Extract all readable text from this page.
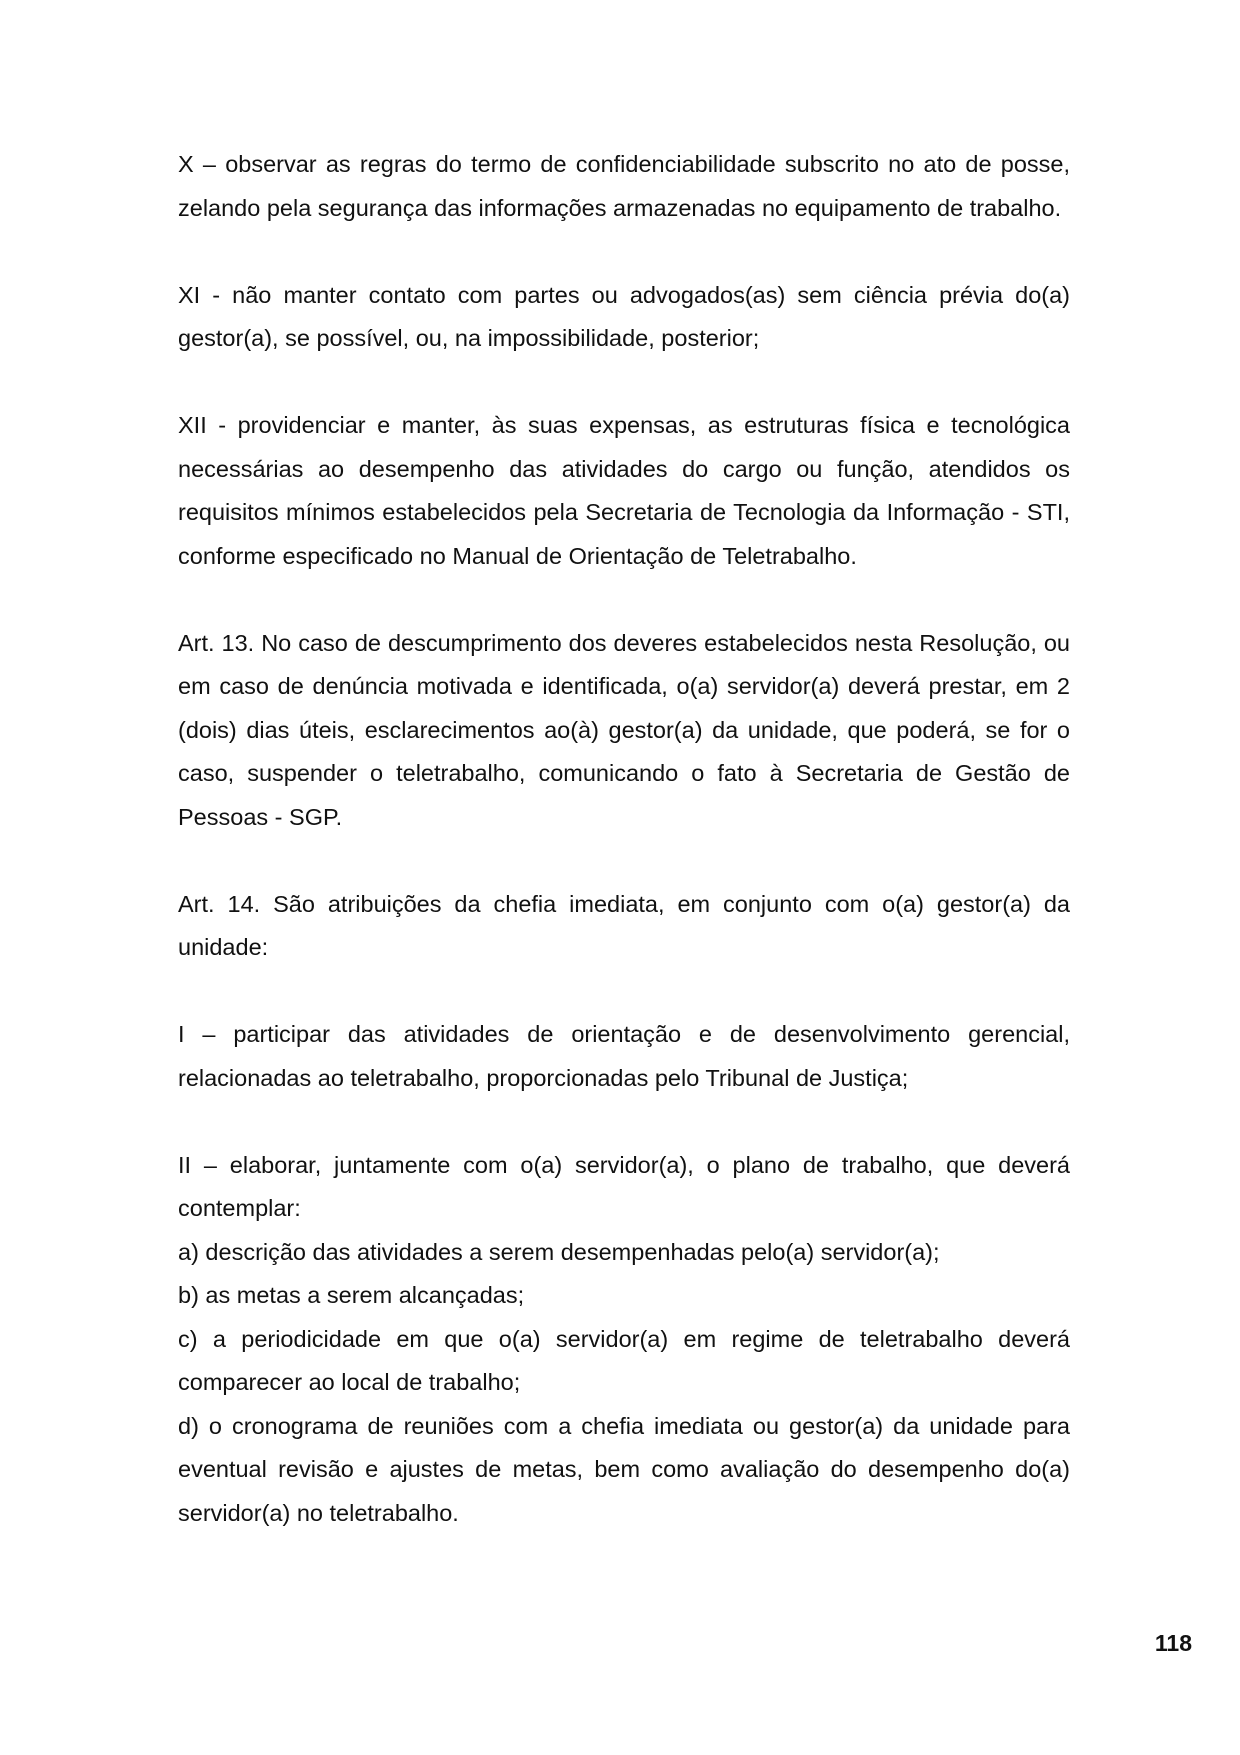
X – observar as regras do termo de confidenciabilidade subscrito no ato de posse, zelando pela segurança das informações armazenadas no equipamento de trabalho.

XI - não manter contato com partes ou advogados(as) sem ciência prévia do(a) gestor(a), se possível, ou, na impossibilidade, posterior;

XII - providenciar e manter, às suas expensas, as estruturas física e tecnológica necessárias ao desempenho das atividades do cargo ou função, atendidos os requisitos mínimos estabelecidos pela Secretaria de Tecnologia da Informação - STI, conforme especificado no Manual de Orientação de Teletrabalho.

Art. 13. No caso de descumprimento dos deveres estabelecidos nesta Resolução, ou em caso de denúncia motivada e identificada, o(a) servidor(a) deverá prestar, em 2 (dois) dias úteis, esclarecimentos ao(à) gestor(a) da unidade, que poderá, se for o caso, suspender o teletrabalho, comunicando o fato à Secretaria de Gestão de Pessoas - SGP.

Art. 14. São atribuições da chefia imediata, em conjunto com o(a) gestor(a) da unidade:

I – participar das atividades de orientação e de desenvolvimento gerencial, relacionadas ao teletrabalho, proporcionadas pelo Tribunal de Justiça;

II – elaborar, juntamente com o(a) servidor(a), o plano de trabalho, que deverá contemplar:

a) descrição das atividades a serem desempenhadas pelo(a) servidor(a);

b) as metas a serem alcançadas;

c) a periodicidade em que o(a) servidor(a) em regime de teletrabalho deverá comparecer ao local de trabalho;

d) o cronograma de reuniões com a chefia imediata ou gestor(a) da unidade para eventual revisão e ajustes de metas, bem como avaliação do desempenho do(a) servidor(a) no teletrabalho.

118
